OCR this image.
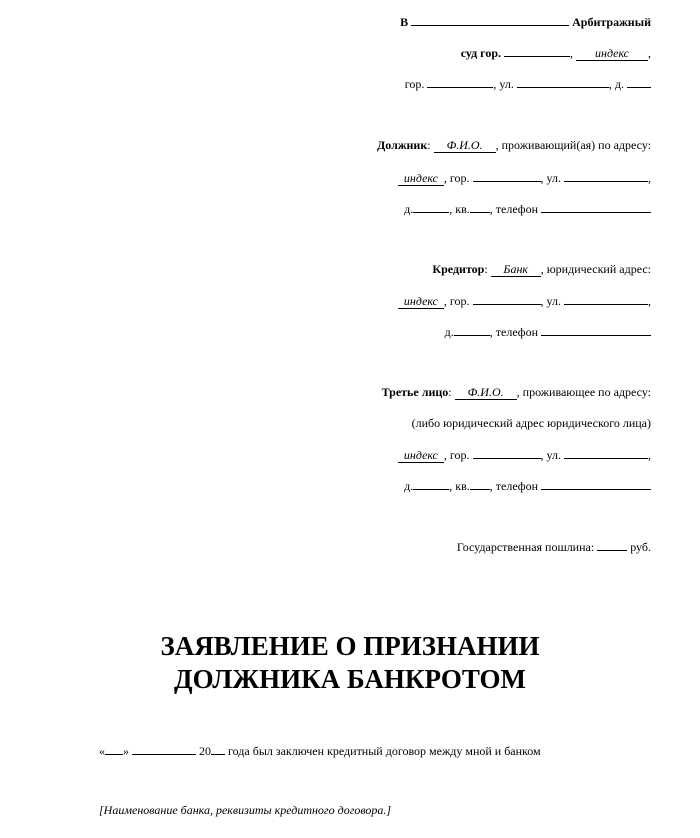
В	Арбитражный
суд гор.	, индекс ,
гор.	, ул.	, д.
Должник: Ф.И.О. , проживающий(ая) по адресу:
индекс , гор.	, ул.	,
д.	, кв. , телефон
Кредитор: Банк , юридический адрес:
индекс , гор.	, ул.	,
д.	, телефон
Третье лицо: Ф.И.О. , проживающее по адресу:
(либо юридический адрес юридического лица)
индекс , гор.	, ул.	,
д.	, кв. , телефон
Государственная пошлина:	руб.
ЗАЯВЛЕНИЕ О ПРИЗНАНИИ
ДОЛЖНИКА БАНКРОТОМ
« »	20 года был заключен кредитный договор между мной и банком
[Наименование банка, реквизиты кредитного договора.]
